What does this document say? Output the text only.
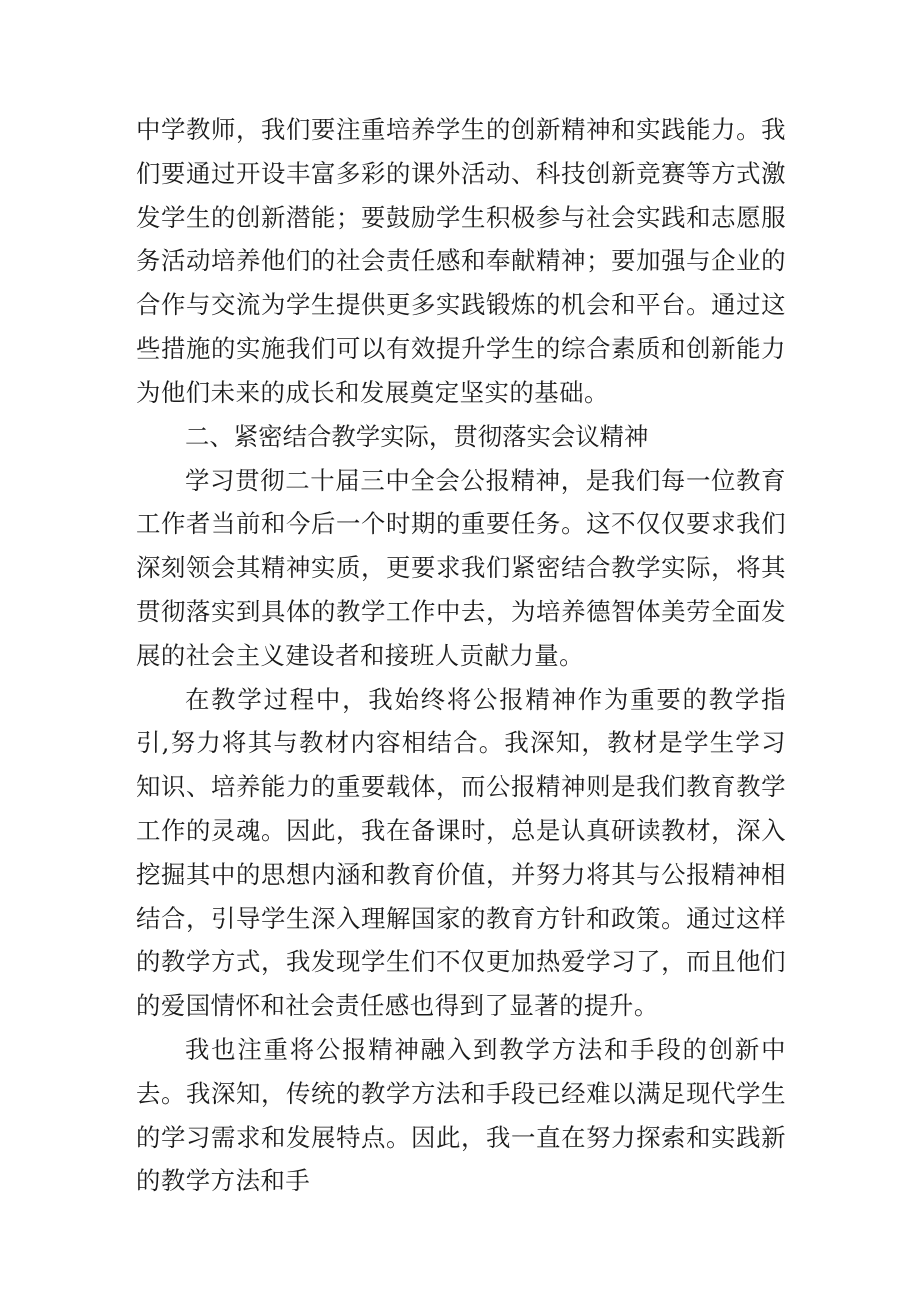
中学教师，我们要注重培养学生的创新精神和实践能力。我们要通过开设丰富多彩的课外活动、科技创新竞赛等方式激发学生的创新潜能；要鼓励学生积极参与社会实践和志愿服务活动培养他们的社会责任感和奉献精神；要加强与企业的合作与交流为学生提供更多实践锻炼的机会和平台。通过这些措施的实施我们可以有效提升学生的综合素质和创新能力为他们未来的成长和发展奠定坚实的基础。

二、紧密结合教学实际，贯彻落实会议精神

学习贯彻二十届三中全会公报精神，是我们每一位教育工作者当前和今后一个时期的重要任务。这不仅仅要求我们深刻领会其精神实质，更要求我们紧密结合教学实际，将其贯彻落实到具体的教学工作中去，为培养德智体美劳全面发展的社会主义建设者和接班人贡献力量。

在教学过程中，我始终将公报精神作为重要的教学指引,努力将其与教材内容相结合。我深知，教材是学生学习知识、培养能力的重要载体，而公报精神则是我们教育教学工作的灵魂。因此，我在备课时，总是认真研读教材，深入挖掘其中的思想内涵和教育价值，并努力将其与公报精神相结合，引导学生深入理解国家的教育方针和政策。通过这样的教学方式，我发现学生们不仅更加热爱学习了，而且他们的爱国情怀和社会责任感也得到了显著的提升。

我也注重将公报精神融入到教学方法和手段的创新中去。我深知，传统的教学方法和手段已经难以满足现代学生的学习需求和发展特点。因此，我一直在努力探索和实践新的教学方法和手
